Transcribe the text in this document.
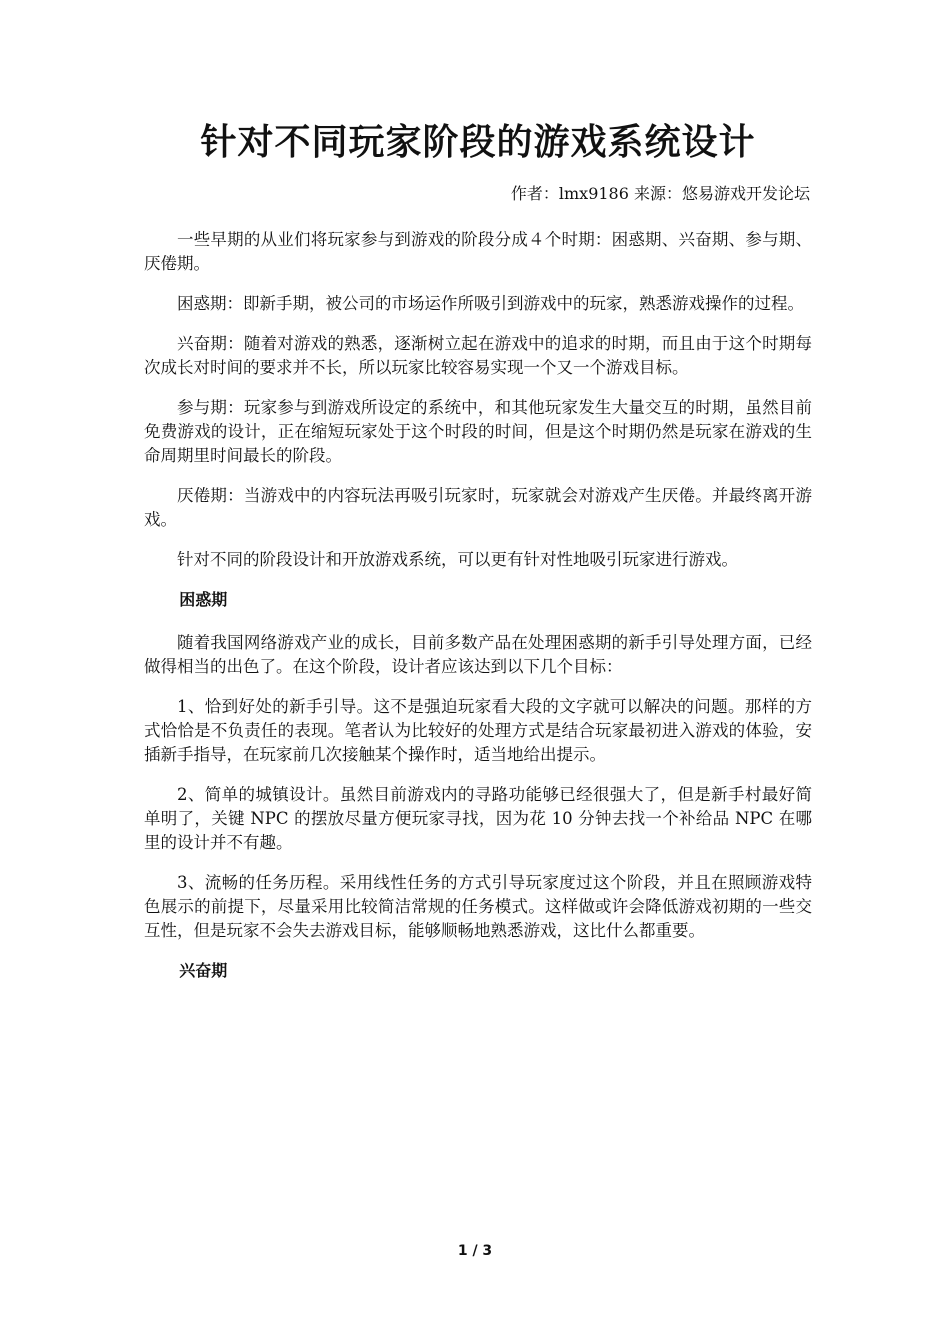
针对不同玩家阶段的游戏系统设计
作者：lmx9186 来源：悠易游戏开发论坛

一些早期的从业们将玩家参与到游戏的阶段分成４个时期：困惑期、兴奋期、参与期、厌倦期。

困惑期：即新手期，被公司的市场运作所吸引到游戏中的玩家，熟悉游戏操作的过程。

兴奋期：随着对游戏的熟悉，逐渐树立起在游戏中的追求的时期，而且由于这个时期每次成长对时间的要求并不长，所以玩家比较容易实现一个又一个游戏目标。

参与期：玩家参与到游戏所设定的系统中，和其他玩家发生大量交互的时期，虽然目前免费游戏的设计，正在缩短玩家处于这个时段的时间，但是这个时期仍然是玩家在游戏的生命周期里时间最长的阶段。

厌倦期：当游戏中的内容玩法再吸引玩家时，玩家就会对游戏产生厌倦。并最终离开游戏。

针对不同的阶段设计和开放游戏系统，可以更有针对性地吸引玩家进行游戏。

困惑期

随着我国网络游戏产业的成长，目前多数产品在处理困惑期的新手引导处理方面，已经做得相当的出色了。在这个阶段，设计者应该达到以下几个目标：

1、恰到好处的新手引导。这不是强迫玩家看大段的文字就可以解决的问题。那样的方式恰恰是不负责任的表现。笔者认为比较好的处理方式是结合玩家最初进入游戏的体验，安插新手指导，在玩家前几次接触某个操作时，适当地给出提示。

2、简单的城镇设计。虽然目前游戏内的寻路功能够已经很强大了，但是新手村最好简单明了，关键 NPC 的摆放尽量方便玩家寻找，因为花 10 分钟去找一个补给品 NPC 在哪里的设计并不有趣。

3、流畅的任务历程。采用线性任务的方式引导玩家度过这个阶段，并且在照顾游戏特色展示的前提下，尽量采用比较简洁常规的任务模式。这样做或许会降低游戏初期的一些交互性，但是玩家不会失去游戏目标，能够顺畅地熟悉游戏，这比什么都重要。

兴奋期
1 / 3
